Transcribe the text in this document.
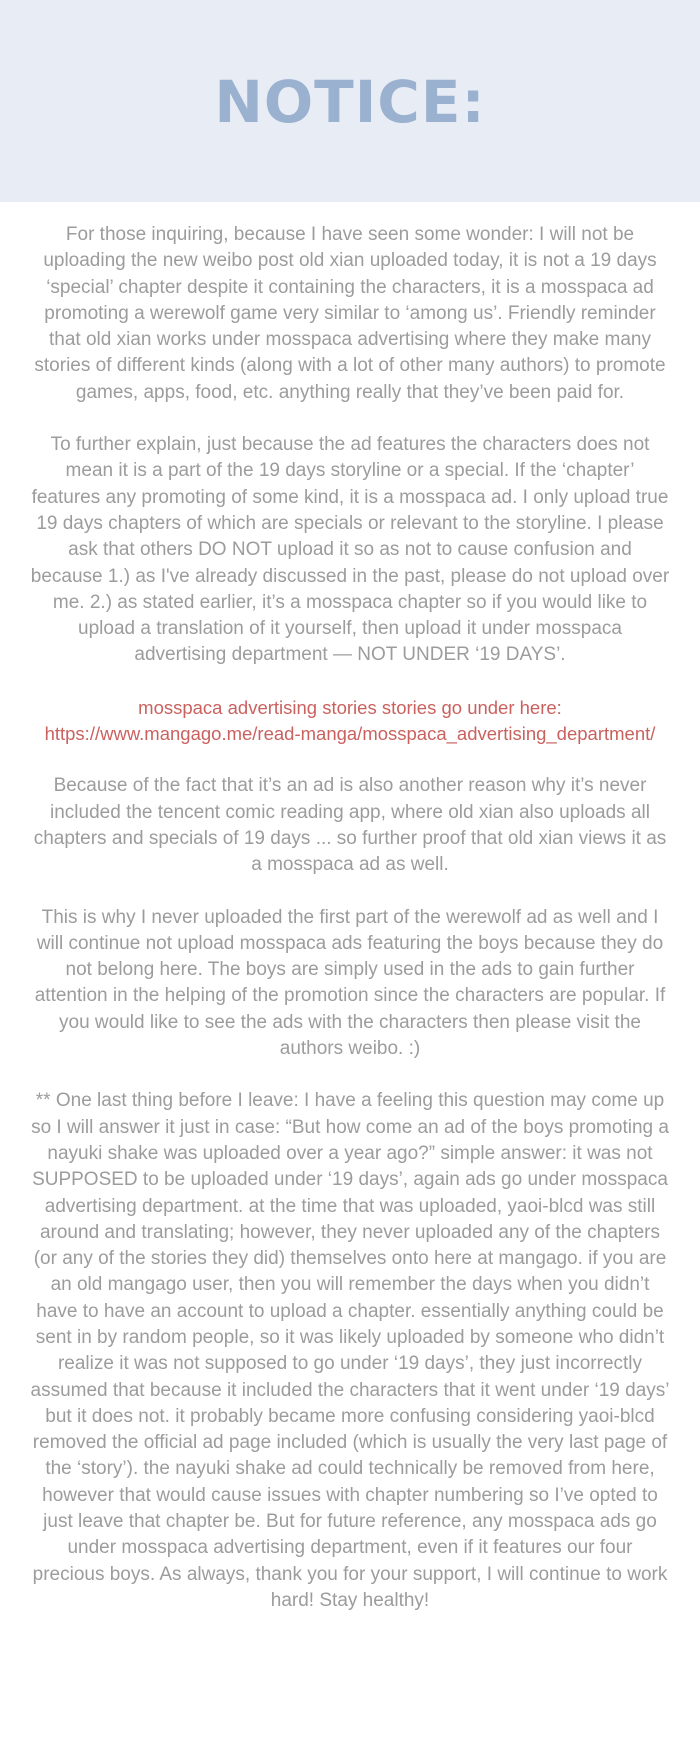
NOTICE:

For those inquiring, because I have seen some wonder: I will not be uploading the new weibo post old xian uploaded today, it is not a 19 days ‘special’ chapter despite it containing the characters, it is a mosspaca ad promoting a werewolf game very similar to ‘among us’. Friendly reminder that old xian works under mosspaca advertising where they make many stories of different kinds (along with a lot of other many authors) to promote games, apps, food, etc. anything really that they’ve been paid for.

To further explain, just because the ad features the characters does not mean it is a part of the 19 days storyline or a special. If the ‘chapter’ features any promoting of some kind, it is a mosspaca ad. I only upload true 19 days chapters of which are specials or relevant to the storyline. I please ask that others DO NOT upload it so as not to cause confusion and because 1.) as I've already discussed in the past, please do not upload over me. 2.) as stated earlier, it’s a mosspaca chapter so if you would like to upload a translation of it yourself, then upload it under mosspaca advertising department — NOT UNDER ‘19 DAYS’.

mosspaca advertising stories stories go under here:
https://www.mangago.me/read-manga/mosspaca_advertising_department/

Because of the fact that it’s an ad is also another reason why it’s never included the tencent comic reading app, where old xian also uploads all chapters and specials of 19 days ... so further proof that old xian views it as a mosspaca ad as well.

This is why I never uploaded the first part of the werewolf ad as well and I will continue not upload mosspaca ads featuring the boys because they do not belong here. The boys are simply used in the ads to gain further attention in the helping of the promotion since the characters are popular. If you would like to see the ads with the characters then please visit the authors weibo. :)

** One last thing before I leave: I have a feeling this question may come up so I will answer it just in case: “But how come an ad of the boys promoting a nayuki shake was uploaded over a year ago?” simple answer: it was not SUPPOSED to be uploaded under ‘19 days’, again ads go under mosspaca advertising department. at the time that was uploaded, yaoi-blcd was still around and translating; however, they never uploaded any of the chapters (or any of the stories they did) themselves onto here at mangago. if you are an old mangago user, then you will remember the days when you didn’t have to have an account to upload a chapter. essentially anything could be sent in by random people, so it was likely uploaded by someone who didn’t realize it was not supposed to go under ‘19 days’, they just incorrectly assumed that because it included the characters that it went under ‘19 days’ but it does not. it probably became more confusing considering yaoi-blcd removed the official ad page included (which is usually the very last page of the ‘story’). the nayuki shake ad could technically be removed from here, however that would cause issues with chapter numbering so I’ve opted to just leave that chapter be. But for future reference, any mosspaca ads go under mosspaca advertising department, even if it features our four precious boys. As always, thank you for your support, I will continue to work hard! Stay healthy!
